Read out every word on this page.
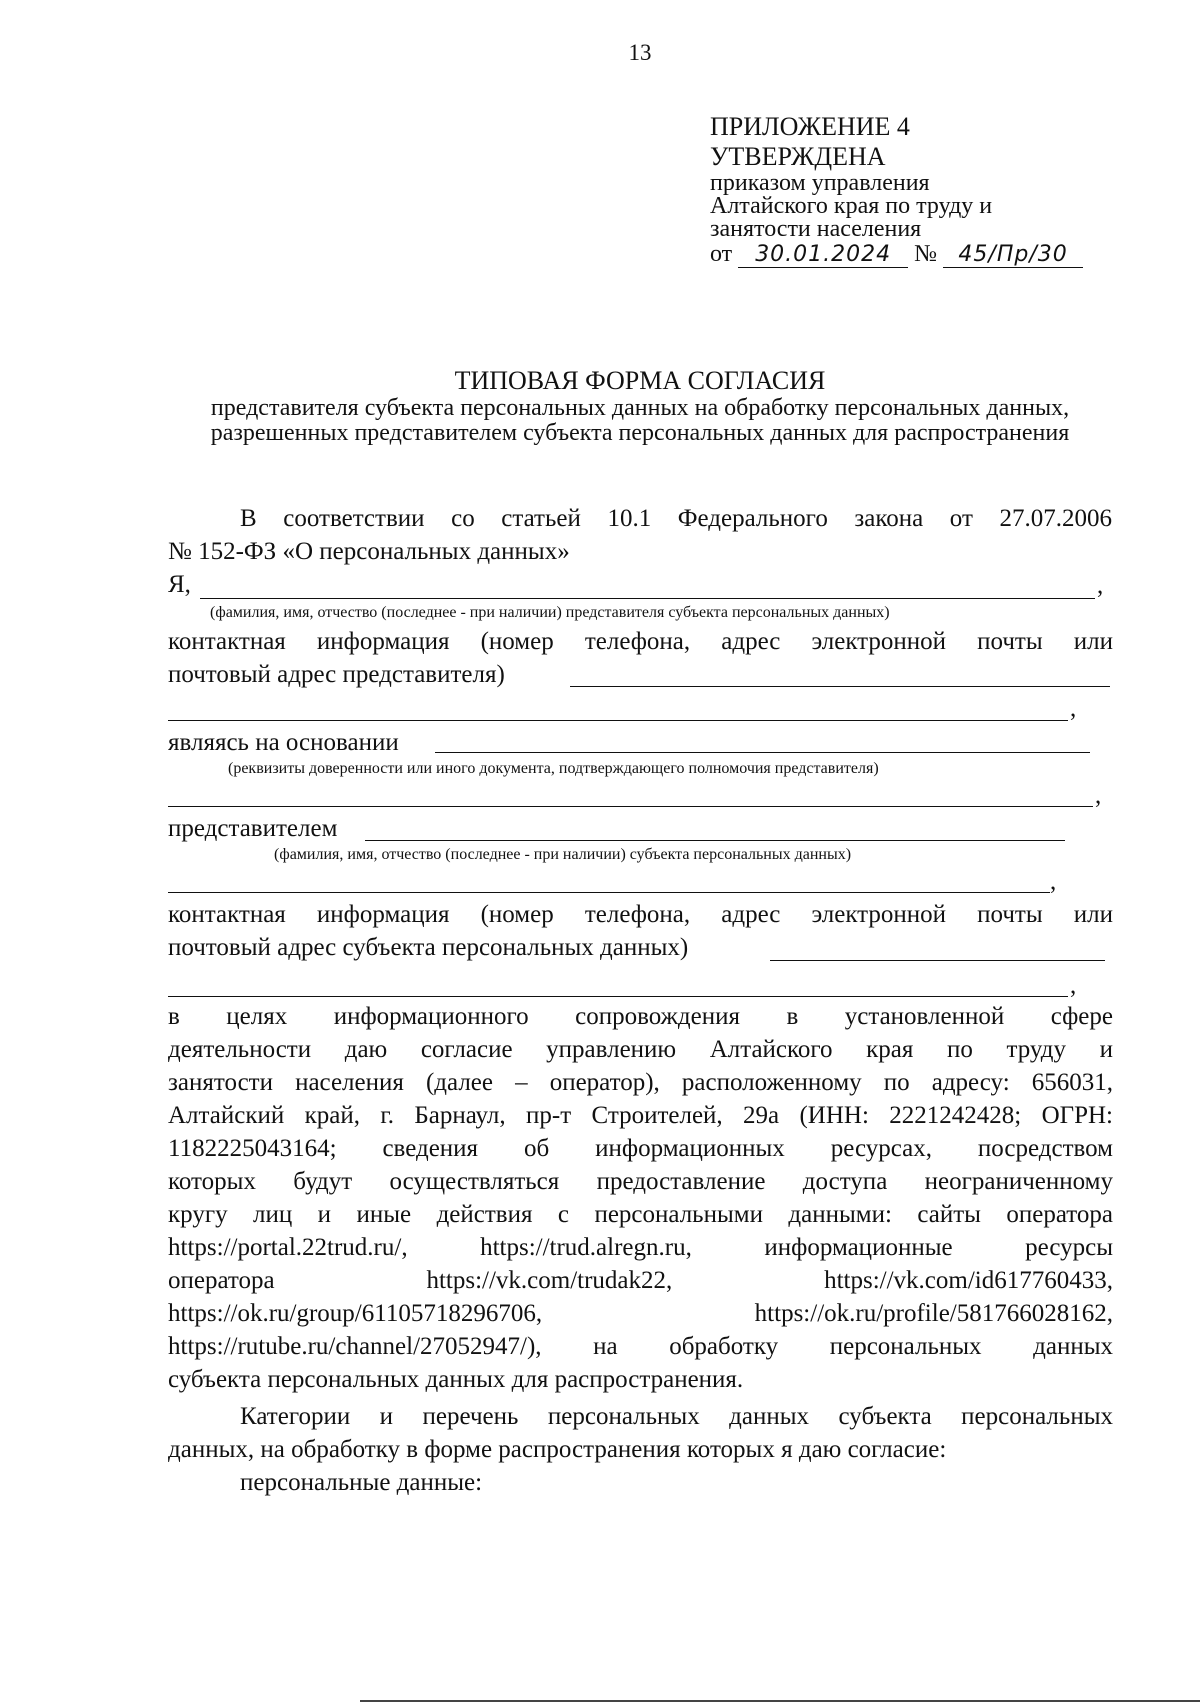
13
ПРИЛОЖЕНИЕ 4
УТВЕРЖДЕНА
приказом управления
Алтайского края по труду и
занятости населения
от 30.01.2024 № 45/Пр/30
ТИПОВАЯ ФОРМА СОГЛАСИЯ
представителя субъекта персональных данных на обработку персональных данных, разрешенных представителем субъекта персональных данных для распространения
В соответствии со статьей 10.1 Федерального закона от 27.07.2006
№ 152-ФЗ «О персональных данных»
Я,	,
(фамилия, имя, отчество (последнее - при наличии) представителя субъекта персональных данных)
контактная информация (номер телефона, адрес электронной почты или
почтовый адрес представителя)
,
являясь на основании
(реквизиты доверенности или иного документа, подтверждающего полномочия представителя)
,
представителем
(фамилия, имя, отчество (последнее - при наличии) субъекта персональных данных)
,
контактная информация (номер телефона, адрес электронной почты или
почтовый адрес субъекта персональных данных)
,
в целях информационного сопровождения в установленной сфере
деятельности даю согласие управлению Алтайского края по труду и
занятости населения (далее – оператор), расположенному по адресу: 656031,
Алтайский край, г. Барнаул, пр-т Строителей, 29а (ИНН: 2221242428; ОГРН:
1182225043164; сведения об информационных ресурсах, посредством
которых будут осуществляться предоставление доступа неограниченному
кругу лиц и иные действия с персональными данными: сайты оператора
https://portal.22trud.ru/, https://trud.alregn.ru, информационные ресурсы
оператора https://vk.com/trudak22, https://vk.com/id617760433,
https://ok.ru/group/61105718296706, https://ok.ru/profile/581766028162,
https://rutube.ru/channel/27052947/), на обработку персональных данных
субъекта персональных данных для распространения.
Категории и перечень персональных данных субъекта персональных
данных, на обработку в форме распространения которых я даю согласие:
персональные данные:
